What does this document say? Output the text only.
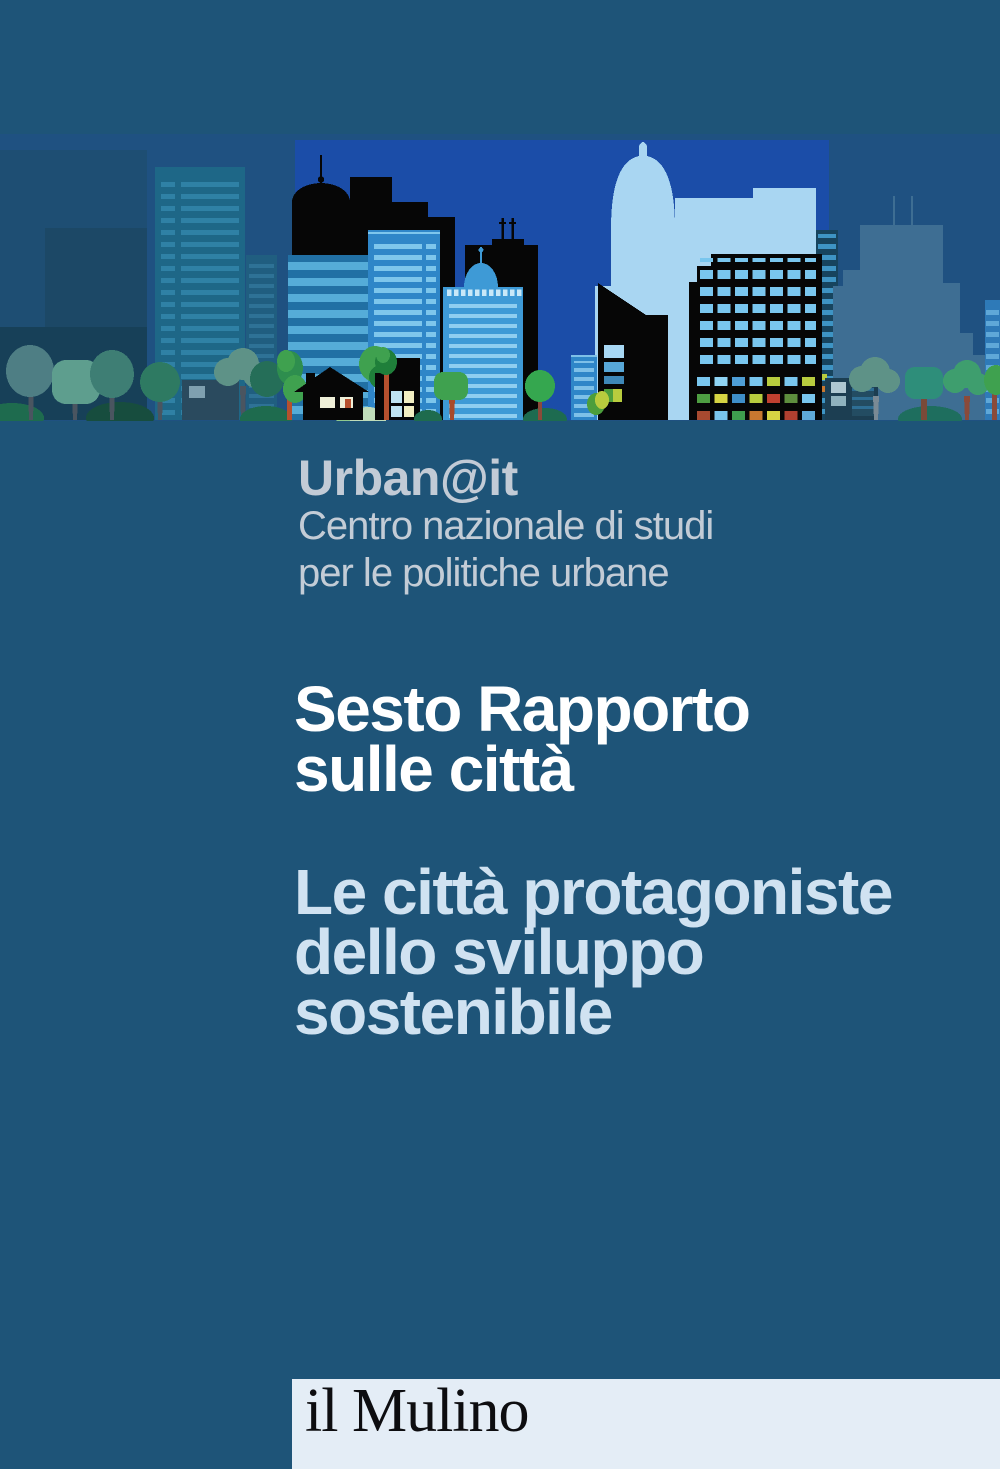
Urban@it
Centro nazionale di studi
per le politiche urbane
Sesto Rapporto
sulle città
Le città protagoniste
dello sviluppo
sostenibile
il Mulino
